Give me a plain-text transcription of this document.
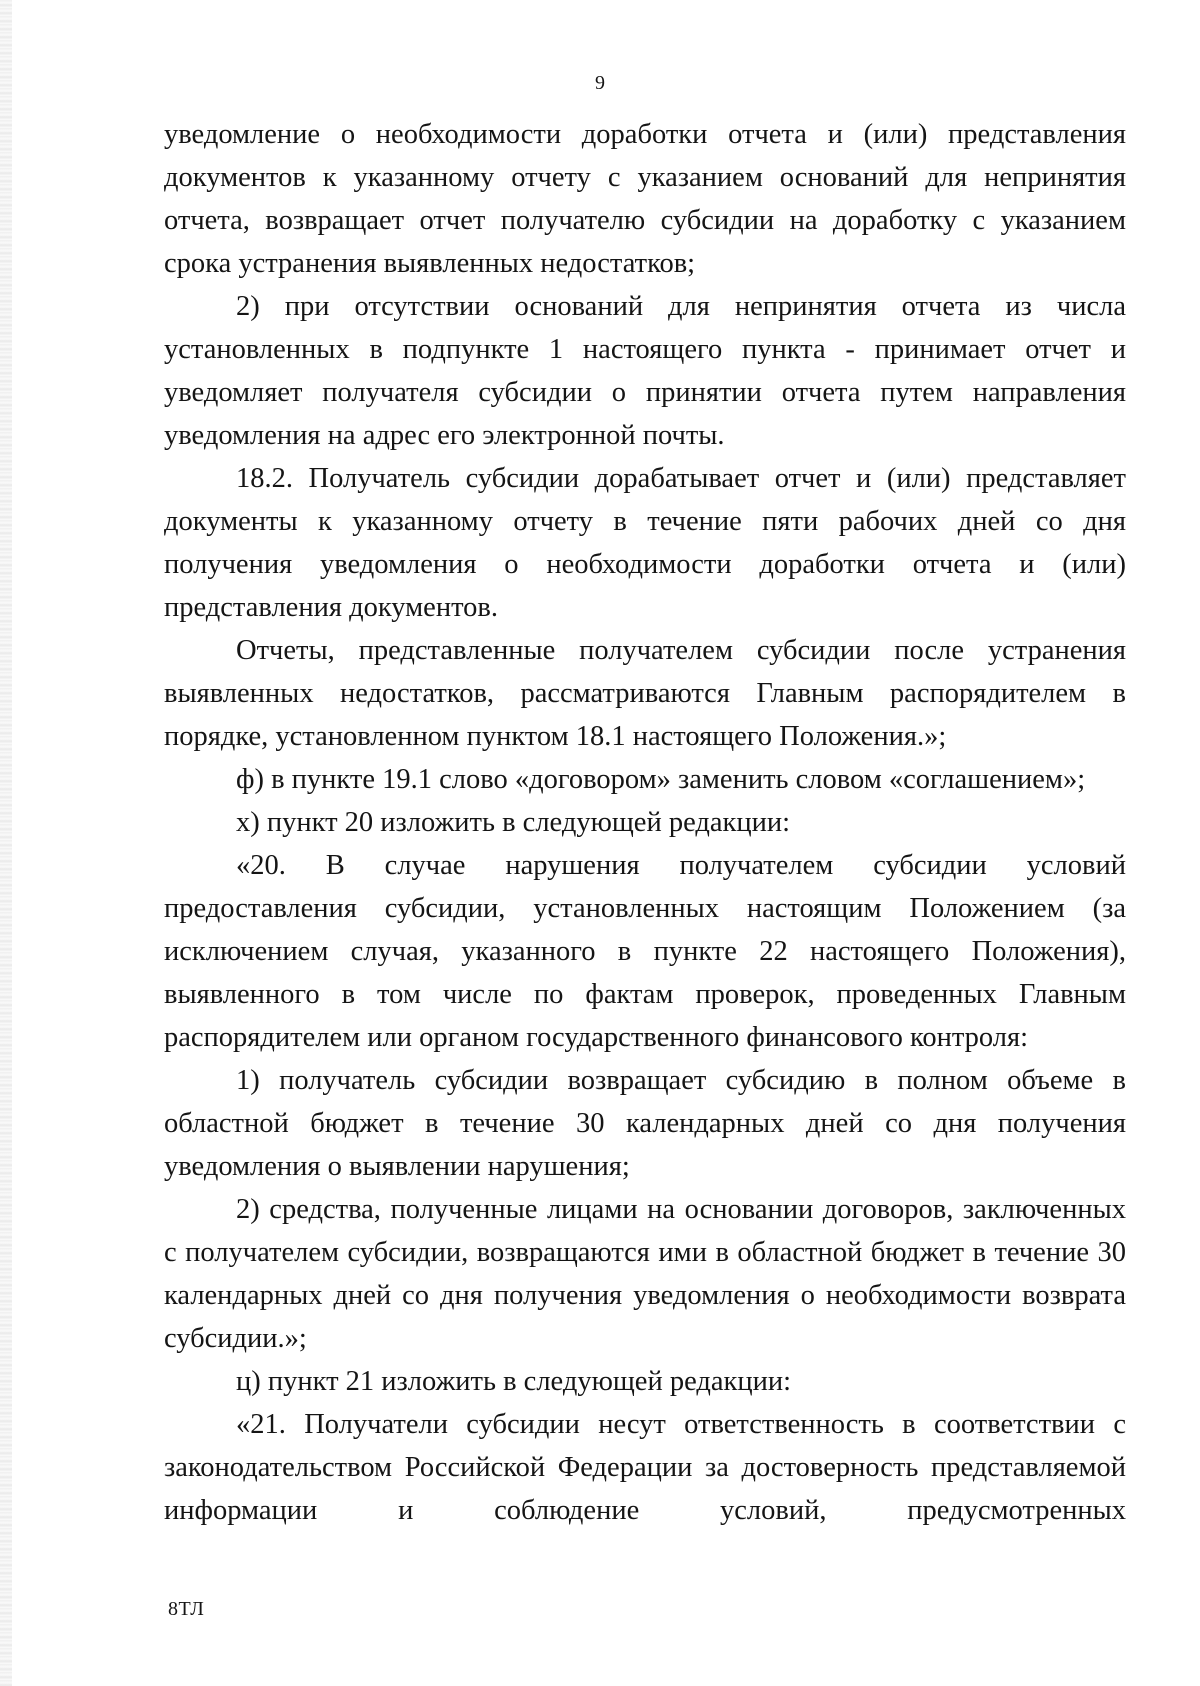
9

уведомление о необходимости доработки отчета и (или) представления документов к указанному отчету с указанием оснований для непринятия отчета, возвращает отчет получателю субсидии на доработку с указанием срока устранения выявленных недостатков;

2) при отсутствии оснований для непринятия отчета из числа установленных в подпункте 1 настоящего пункта - принимает отчет и уведомляет получателя субсидии о принятии отчета путем направления уведомления на адрес его электронной почты.

18.2. Получатель субсидии дорабатывает отчет и (или) представляет документы к указанному отчету в течение пяти рабочих дней со дня получения уведомления о необходимости доработки отчета и (или) представления документов.

Отчеты, представленные получателем субсидии после устранения выявленных недостатков, рассматриваются Главным распорядителем в порядке, установленном пунктом 18.1 настоящего Положения.»;

ф) в пункте 19.1 слово «договором» заменить словом «соглашением»;

х) пункт 20 изложить в следующей редакции:

«20. В случае нарушения получателем субсидии условий предоставления субсидии, установленных настоящим Положением (за исключением случая, указанного в пункте 22 настоящего Положения), выявленного в том числе по фактам проверок, проведенных Главным распорядителем или органом государственного финансового контроля:

1) получатель субсидии возвращает субсидию в полном объеме в областной бюджет в течение 30 календарных дней со дня получения уведомления о выявлении нарушения;

2) средства, полученные лицами на основании договоров, заключенных с получателем субсидии, возвращаются ими в областной бюджет в течение 30 календарных дней со дня получения уведомления о необходимости возврата субсидии.»;

ц) пункт 21 изложить в следующей редакции:

«21. Получатели субсидии несут ответственность в соответствии с законодательством Российской Федерации за достоверность представляемой информации и соблюдение условий, предусмотренных

8ТЛ
